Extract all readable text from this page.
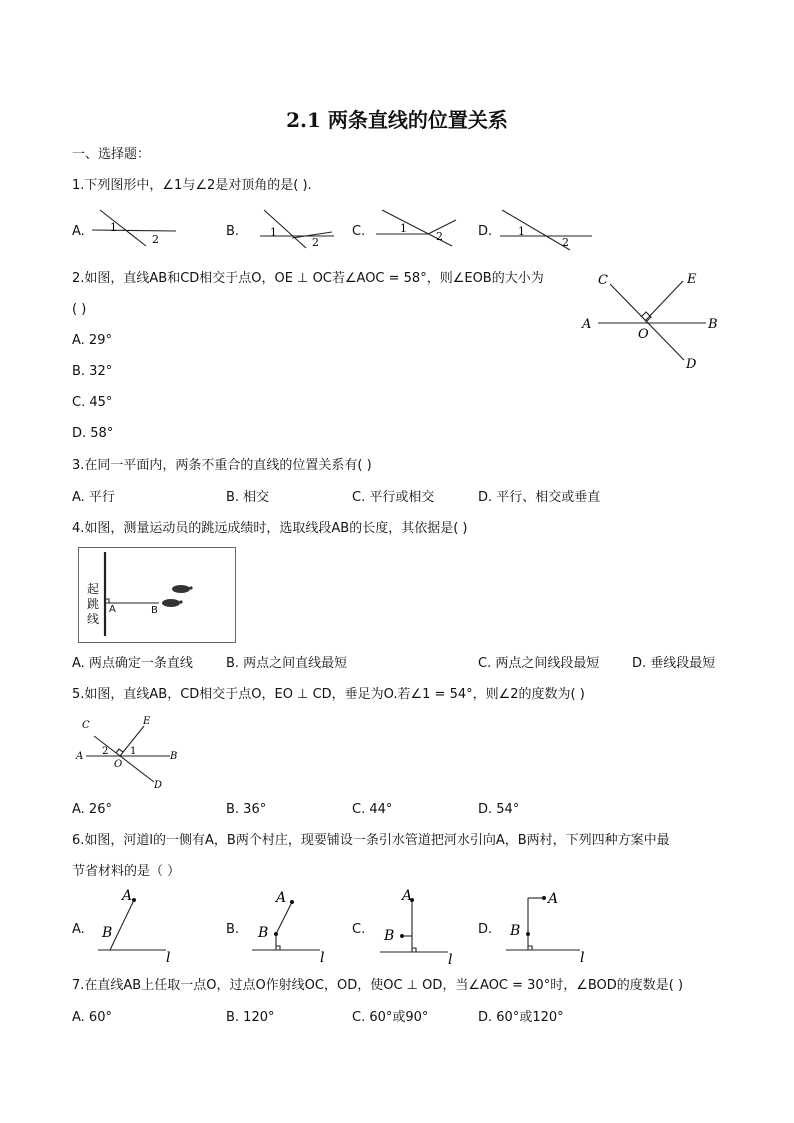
2.1 两条直线的位置关系
一、选择题：
1.下列图形中，∠1与∠2是对顶角的是( ).
A.	B.	C.	D.
1
2
1
2
1
2	1
2
2.如图，直线AB和CD相交于点O，OE ⊥ OC若∠AOC = 58°，则∠EOB的大小为
( )
A. 29°
B. 32°
C. 45°
D. 58°
C	E
A	B
O
D
3.在同一平面内，两条不重合的直线的位置关系有( )
A. 平行	B. 相交	C. 平行或相交	D. 平行、相交或垂直
4.如图，测量运动员的跳远成绩时，选取线段AB的长度，其依据是( )
起
跳
线
A	B
A. 两点确定一条直线	B. 两点之间直线最短	C. 两点之间线段最短	D. 垂线段最短
5.如图，直线AB，CD相交于点O，EO ⊥ CD，垂足为O.若∠1 = 54°，则∠2的度数为( )
C	E
A	B
O
D
2 1
A. 26°	B. 36°	C. 44°	D. 54°
6.如图，河道l的一侧有A，B两个村庄，现要铺设一条引水管道把河水引向A，B两村，下列四种方案中最
节省材料的是（ ）
A.	B.	C.	D.
A
B
l
A
B
l
A
B
l
A
B
l
7.在直线AB上任取一点O，过点O作射线OC，OD，使OC ⊥ OD，当∠AOC = 30°时，∠BOD的度数是( )
A. 60°	B. 120°	C. 60°或90°	D. 60°或120°
